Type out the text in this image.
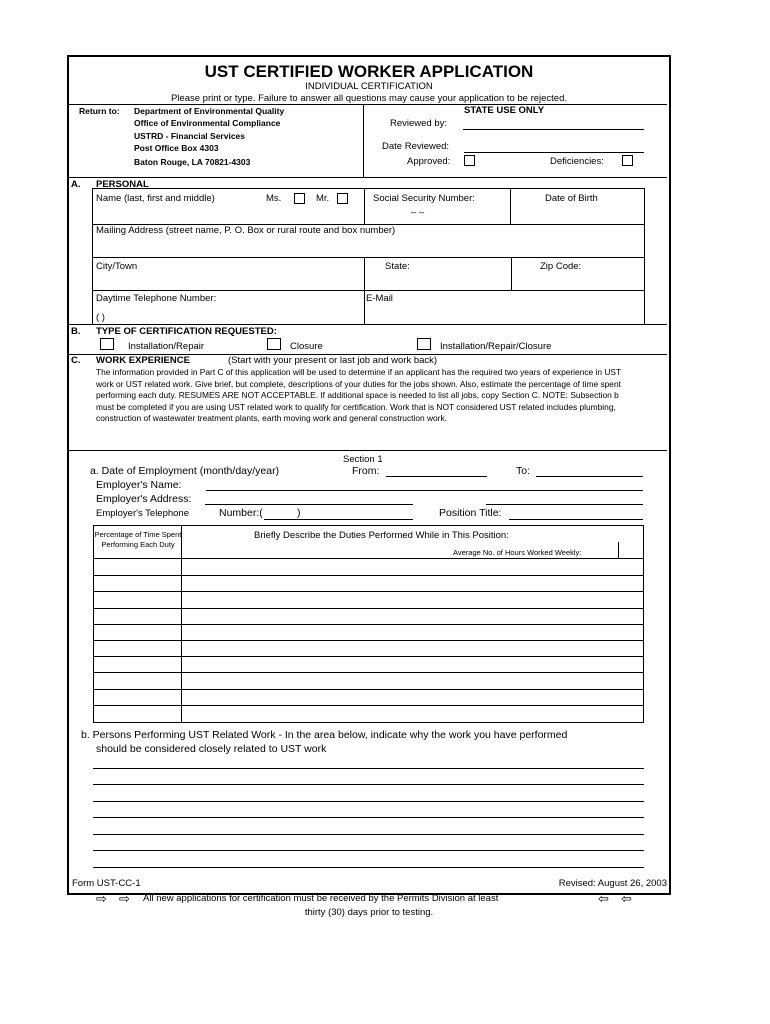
UST CERTIFIED WORKER APPLICATION
INDIVIDUAL CERTIFICATION
Please print or type. Failure to answer all questions may cause your application to be rejected.
Return to: Department of Environmental Quality
Office of Environmental Compliance
USTRD - Financial Services
Post Office Box 4303
Baton Rouge, LA 70821-4303
STATE USE ONLY
Reviewed by:
Date Reviewed:
Approved:	Deficiencies:
A. PERSONAL
Name (last, first and middle)	Ms.	Mr.	Social Security Number:
– –
Date of Birth
Mailing Address (street name, P. O. Box or rural route and box number)
City/Town	State:	Zip Code:
Daytime Telephone Number:
( )
E-Mail
B. TYPE OF CERTIFICATION REQUESTED:
Installation/Repair	Closure	Installation/Repair/Closure
C. WORK EXPERIENCE	(Start with your present or last job and work back)
The information provided in Part C of this application will be used to determine if an applicant has the required two years of experience in UST work or UST related work. Give brief, but complete, descriptions of your duties for the jobs shown. Also, estimate the percentage of time spent performing each duty. RESUMES ARE NOT ACCEPTABLE. If additional space is needed to list all jobs, copy Section C. NOTE: Subsection b must be completed if you are using UST related work to qualify for certification. Work that is NOT considered UST related includes plumbing, construction of wastewater treatment plants, earth moving work and general construction work.
Section 1
a. Date of Employment (month/day/year)	From:	To:
Employer's Name:
Employer's Address:
Employer's Telephone	Number:(	)	Position Title:
Percentage of Time Spent Performing Each Duty
Briefly Describe the Duties Performed While in This Position:
Average No. of Hours Worked Weekly:
b. Persons Performing UST Related Work - In the area below, indicate why the work you have performed
should be considered closely related to UST work
Form UST-CC-1	Revised: August 26, 2003
⇨ ⇨ All new applications for certification must be received by the Permits Division at least	⇦ ⇦
thirty (30) days prior to testing.
